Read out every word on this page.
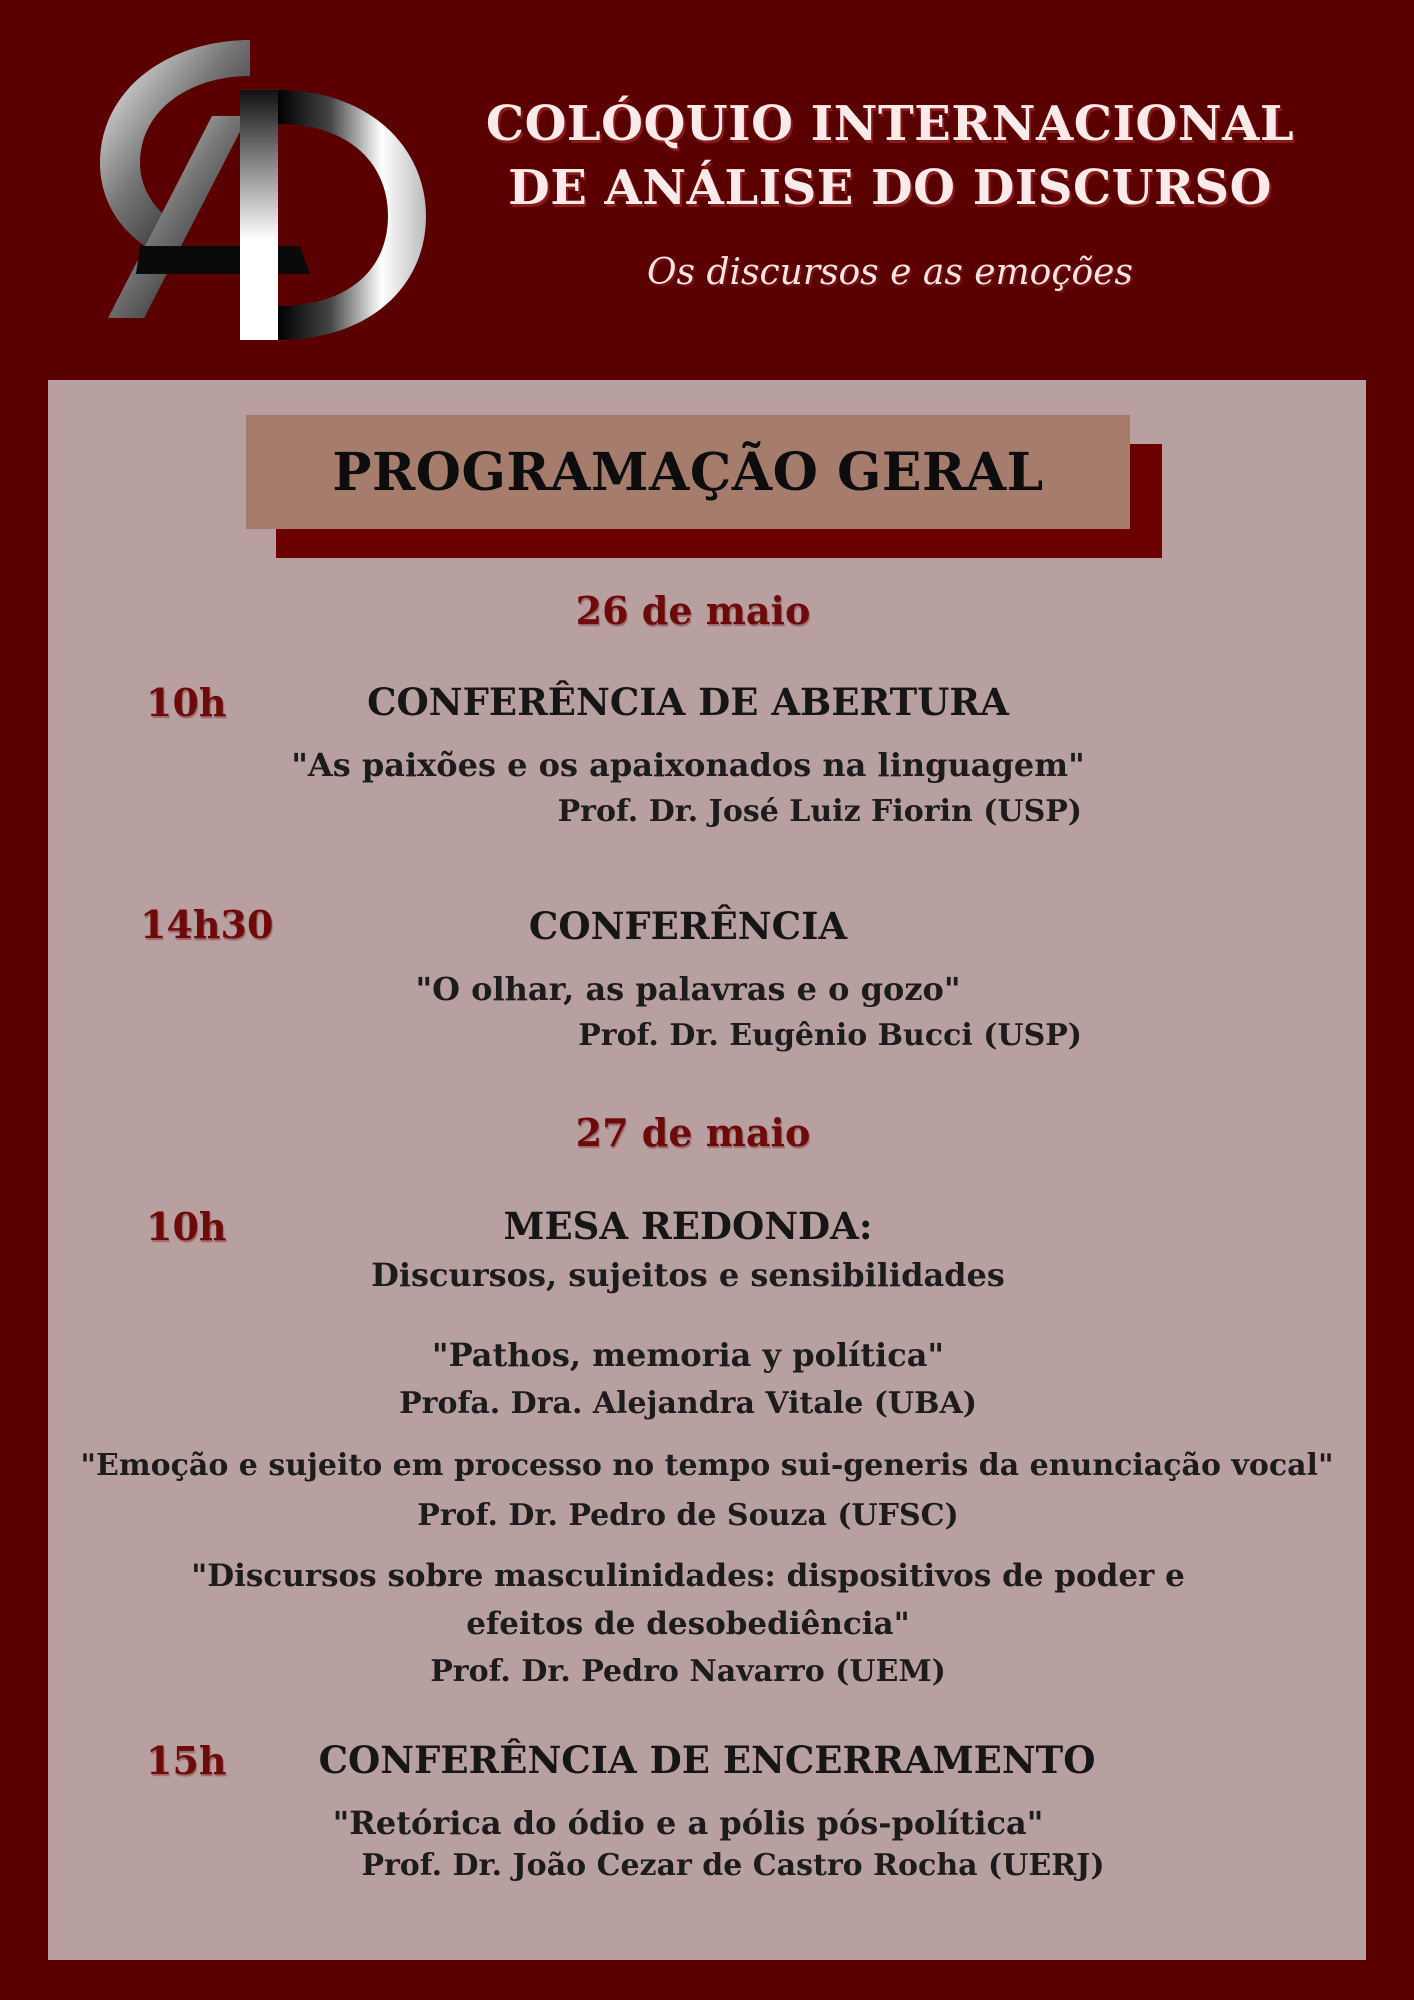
COLÓQUIO INTERNACIONAL
DE ANÁLISE DO DISCURSO
Os discursos e as emoções
PROGRAMAÇÃO GERAL
26 de maio
10h	CONFERÊNCIA DE ABERTURA
"As paixões e os apaixonados na linguagem"
Prof. Dr. José Luiz Fiorin (USP)
14h30	CONFERÊNCIA
"O olhar, as palavras e o gozo"
Prof. Dr. Eugênio Bucci (USP)
27 de maio
10h	MESA REDONDA:
Discursos, sujeitos e sensibilidades
"Pathos, memoria y política"
Profa. Dra. Alejandra Vitale (UBA)
"Emoção e sujeito em processo no tempo sui-generis da enunciação vocal"
Prof. Dr. Pedro de Souza (UFSC)
"Discursos sobre masculinidades: dispositivos de poder e
efeitos de desobediência"
Prof. Dr. Pedro Navarro (UEM)
15h	CONFERÊNCIA DE ENCERRAMENTO
"Retórica do ódio e a pólis pós-política"
Prof. Dr. João Cezar de Castro Rocha (UERJ)
